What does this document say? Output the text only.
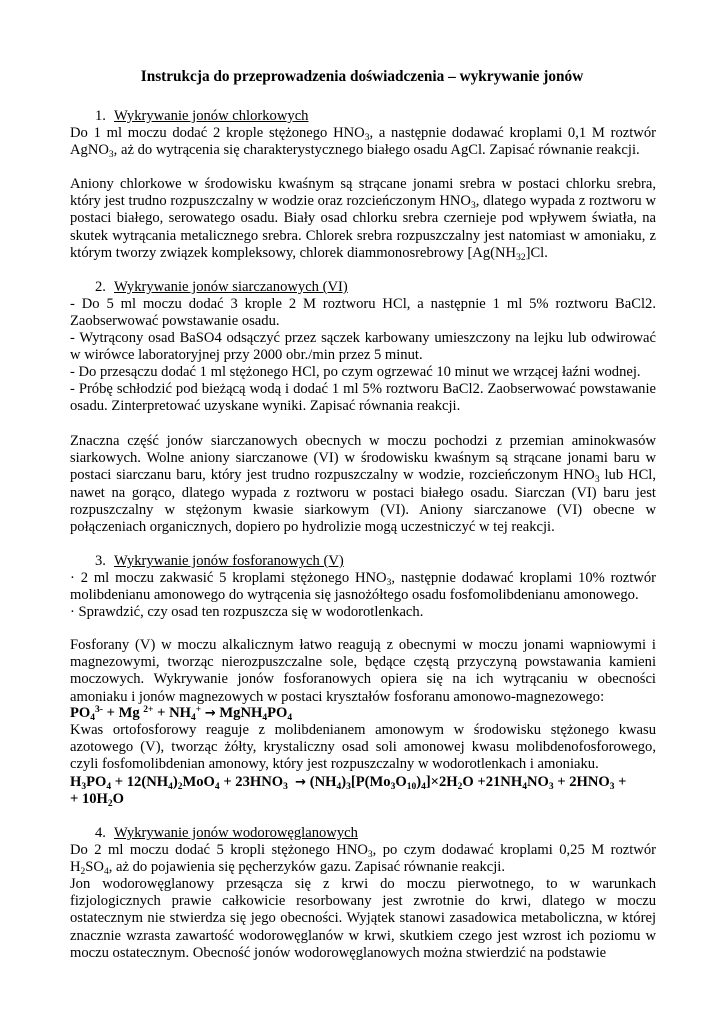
Instrukcja do przeprowadzenia doświadczenia – wykrywanie jonów
1. Wykrywanie jonów chlorkowych
Do 1 ml moczu dodać 2 krople stężonego $HNO_3$, a następnie dodawać kroplami 0,1 M roztwór AgNO$_3$, aż do wytrącenia się charakterystycznego białego osadu AgCl. Zapisać równanie reakcji.
Aniony chlorkowe w środowisku kwaśnym są strącane jonami srebra w postaci chlorku srebra, który jest trudno rozpuszczalny w wodzie oraz rozcieńczonym $HNO_3$, dlatego wypada z roztworu w postaci białego, serowatego osadu. Biały osad chlorku srebra czernieje pod wpływem światła, na skutek wytrącania metalicznego srebra. Chlorek srebra rozpuszczalny jest natomiast w amoniaku, z którym tworzy związek kompleksowy, chlorek diammonosrebrowy [$Ag(NH_{32}]Cl$.
2. Wykrywanie jonów siarczanowych (VI)
- Do 5 ml moczu dodać 3 krople 2 M roztworu HCl, a następnie 1 ml 5% roztworu BaCl2. Zaobserwować powstawanie osadu.
- Wytrącony osad BaSO4 odsączyć przez sączek karbowany umieszczony na lejku lub odwirować w wirówce laboratoryjnej przy 2000 obr./min przez 5 minut.
- Do przesączu dodać 1 ml stężonego HCl, po czym ogrzewać 10 minut we wrzącej łaźni wodnej.
- Próbę schłodzić pod bieżącą wodą i dodać 1 ml 5% roztworu BaCl2. Zaobserwować powstawanie osadu. Zinterpretować uzyskane wyniki. Zapisać równania reakcji.
Znaczna część jonów siarczanowych obecnych w moczu pochodzi z przemian aminokwasów siarkowych. Wolne aniony siarczanowe (VI) w środowisku kwaśnym są strącane jonami baru w postaci siarczanu baru, który jest trudno rozpuszczalny w wodzie, rozcieńczonym $HNO_3$ lub HCl, nawet na gorąco, dlatego wypada z roztworu w postaci białego osadu. Siarczan (VI) baru jest rozpuszczalny w stężonym kwasie siarkowym (VI). Aniony siarczanowe (VI) obecne w połączeniach organicznych, dopiero po hydrolizie mogą uczestniczyć w tej reakcji.
3. Wykrywanie jonów fosforanowych (V)
· 2 ml moczu zakwasić 5 kroplami stężonego $HNO_3$, następnie dodawać kroplami 10% roztwór molibdenianu amonowego do wytrącenia się jasnożółtego osadu fosfomolibdenianu amonowego.
· Sprawdzić, czy osad ten rozpuszcza się w wodorotlenkach.
Fosforany (V) w moczu alkalicznym łatwo reagują z obecnymi w moczu jonami wapniowymi i magnezowymi, tworząc nierozpuszczalne sole, będące częstą przyczyną powstawania kamieni moczowych. Wykrywanie jonów fosforanowych opiera się na ich wytrącaniu w obecności amoniaku i jonów magnezowych w postaci kryształów fosforanu amonowo-magnezowego:
$PO_4^{3-} + Mg$ $^{2+} + NH_4^+$ → $MgNH_4PO_4$
Kwas ortofosforowy reaguje z molibdenianem amonowym w środowisku stężonego kwasu azotowego (V), tworząc żółty, krystaliczny osad soli amonowej kwasu molibdenofosforowego, czyli fosfomolibdenian amonowy, który jest rozpuszczalny w wodorotlenkach i amoniaku.
$H_3PO_4 + 12(NH_4)_2MoO_4 + 23HNO_3 \to (NH_4)_3[P(Mo_3O_{10})_4]\times 2H_2O +21NH_4NO_3 + 2HNO_3$ +
+ $10H_2O$
4. Wykrywanie jonów wodorowęglanowych
Do 2 ml moczu dodać 5 kropli stężonego $HNO_3$, po czym dodawać kroplami 0,25 M roztwór $H_2SO_4$, aż do pojawienia się pęcherzyków gazu. Zapisać równanie reakcji.
Jon wodorowęglanowy przesącza się z krwi do moczu pierwotnego, to w warunkach fizjologicznych prawie całkowicie resorbowany jest zwrotnie do krwi, dlatego w moczu ostatecznym nie stwierdza się jego obecności. Wyjątek stanowi zasadowica metaboliczna, w której znacznie wzrasta zawartość wodorowęglanów w krwi, skutkiem czego jest wzrost ich poziomu w moczu ostatecznym. Obecność jonów wodorowęglanowych można stwierdzić na podstawie
